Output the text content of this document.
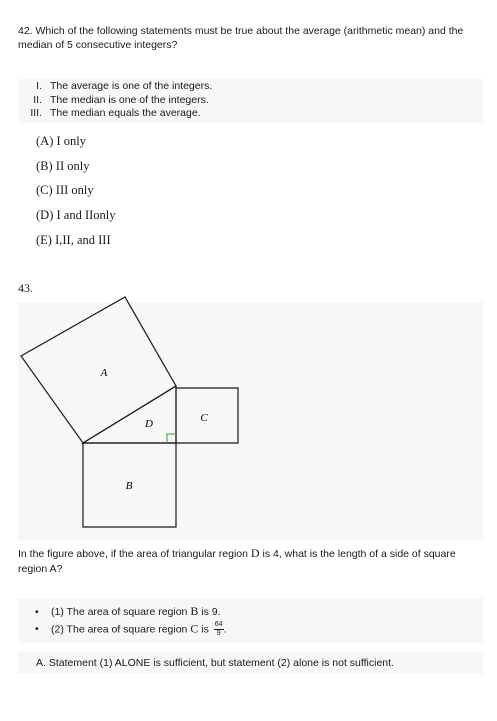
42. Which of the following statements must be true about the average (arithmetic mean) and the median of 5 consecutive integers?
I. The average is one of the integers.
II. The median is one of the integers.
III. The median equals the average.
(A) I only
(B) II only
(C) III only
(D) I and IIonly
(E) I,II, and III
43.
A
B
C
D
In the figure above, if the area of triangular region D is 4, what is the length of a side of square region A?
• (1) The area of square region B is 9.
• (2) The area of square region C is $\frac{64}{9}$ .
A. Statement (1) ALONE is sufficient, but statement (2) alone is not sufficient.
